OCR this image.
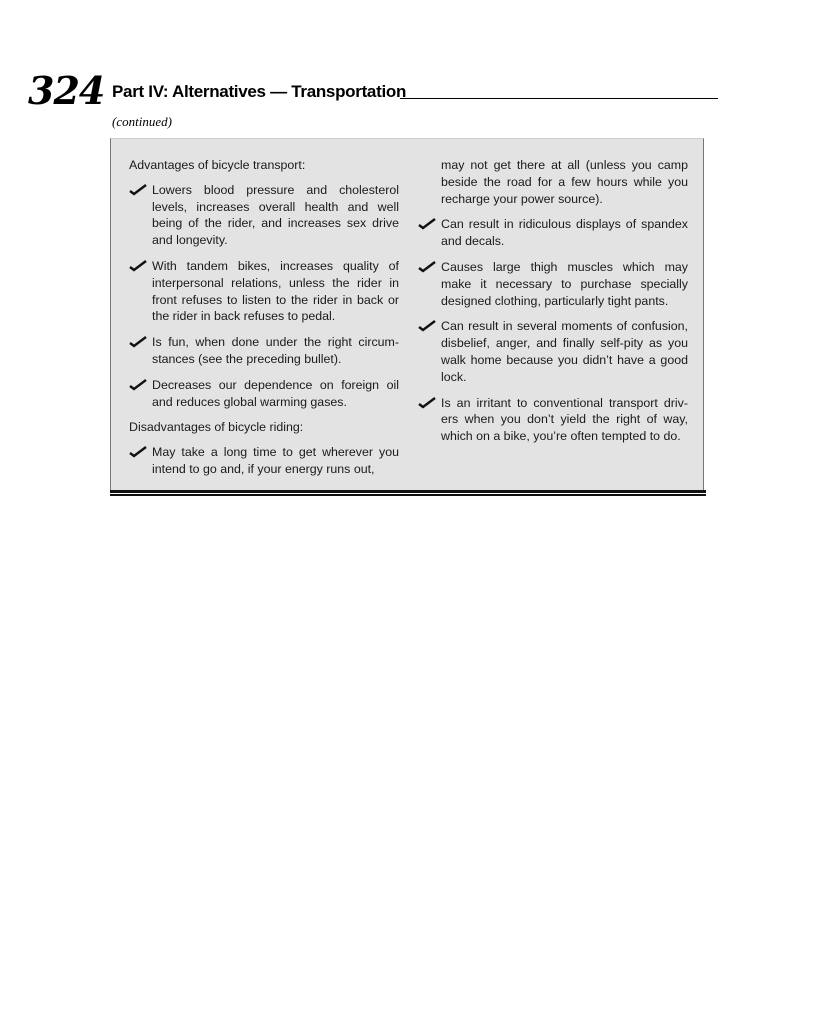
324 Part IV: Alternatives — Transportation
(continued)

Advantages of bicycle transport:

Lowers blood pressure and cholesterol levels, increases overall health and well being of the rider, and increases sex drive and longevity.
With tandem bikes, increases quality of interpersonal relations, unless the rider in front refuses to listen to the rider in back or the rider in back refuses to pedal.
Is fun, when done under the right circum-stances (see the preceding bullet).
Decreases our dependence on foreign oil and reduces global warming gases.

Disadvantages of bicycle riding:

May take a long time to get wherever you intend to go and, if your energy runs out,

may not get there at all (unless you camp beside the road for a few hours while you recharge your power source).

Can result in ridiculous displays of spandex and decals.
Causes large thigh muscles which may make it necessary to purchase specially designed clothing, particularly tight pants.
Can result in several moments of confusion, disbelief, anger, and finally self-pity as you walk home because you didn’t have a good lock.
Is an irritant to conventional transport driv-ers when you don’t yield the right of way, which on a bike, you’re often tempted to do.
